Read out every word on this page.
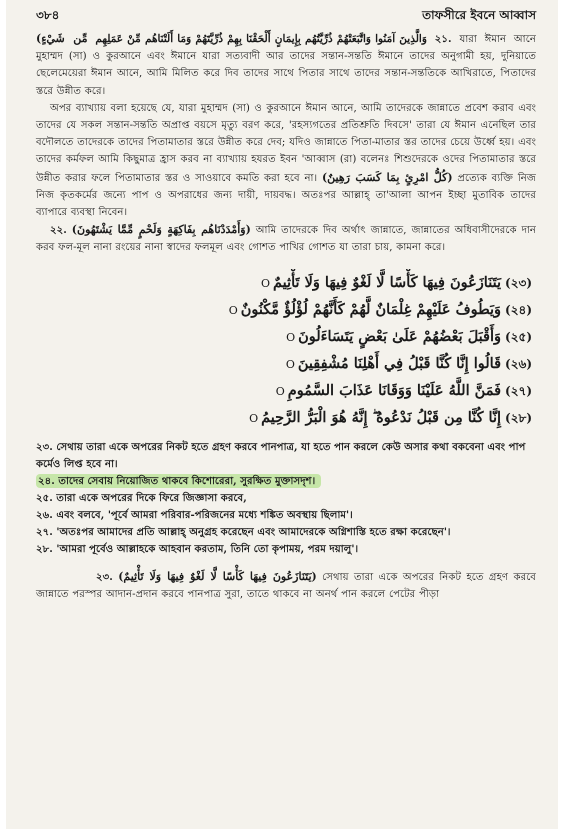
৩৮৪	তাফসীরে ইবনে আব্বাস

(مِّن شَيْءٍ وَالَّذِينَ آمَنُوا وَاتَّبَعَتْهُمْ ذُرِّيَّتُهُم بِإِيمَانٍ أَلْحَقْنَا بِهِمْ ذُرِّيَّتَهُمْ وَمَا أَلَتْنَاهُم مِّنْ عَمَلِهِم ২১. যারা ঈমান আনে মুহাম্মদ (সা) ও কুরআনে এবং ঈমানে যারা সত্যবাদী আর তাদের সন্তান-সন্ততি ঈমানে তাদের অনুগামী হয়, দুনিয়াতে ছেলেমেয়েরা ঈমান আনে, আমি মিলিত করে দিব তাদের সাথে পিতার সাথে তাদের সন্তান-সন্ততিকে আখিরাতে, পিতাদের স্তরে উন্নীত করে।

অপর ব্যাখ্যায় বলা হয়েছে যে, যারা মুহাম্মদ (সা) ও কুরআনে ঈমান আনে, আমি তাদেরকে জান্নাতে প্রবেশ করাব এবং তাদের যে সকল সন্তান-সন্ততি অপ্রাপ্ত বয়সে মৃত্যু বরণ করে, 'রহস্যগতের প্রতিশ্রুতি দিবসে' তারা যে ঈমান এনেছিল তার বদৌলতে তাদেরকে তাদের পিতামাতার স্তরে উন্নীত করে দেব; যদিও জান্নাতে পিতা-মাতার স্তর তাদের চেয়ে উর্ধ্বে হয়। এবং তাদের কর্মফল আমি কিছুমাত্র হ্রাস করব না ব্যাখ্যায় হযরত ইবন 'আব্বাস (রা) বলেনঃ শিশুদেরকে ওদের পিতামাতার স্তরে উন্নীত করার ফলে পিতামাতার স্তর ও সাওয়াবে কমতি করা হবে না। (كُلُّ امْرِئٍ بِمَا كَسَبَ رَهِينٌ) প্রত্যেক ব্যক্তি নিজ নিজ কৃতকর্মের জন্যে পাপ ও অপরাধের জন্য দায়ী, দায়বদ্ধ। অতঃপর আল্লাহ্ তা'আলা আপন ইচ্ছা মুতাবিক তাদের ব্যাপারে ব্যবস্থা নিবেন।

২২. (وَأَمْدَدْنَاهُم بِفَاكِهَةٍ وَلَحْمٍ مِّمَّا يَشْتَهُونَ) আমি তাদেরকে দিব অর্থাৎ জান্নাতে, জান্নাতের অধিবাসীদেরকে দান করব ফল-মূল নানা রংয়ের নানা স্বাদের ফলমূল এবং গোশত পাখির গোশত যা তারা চায়, কামনা করে।

(২৩)يَتَنَازَعُونَ فِيهَا كَأْسًا لَّا لَغْوٌ فِيهَا وَلَا تَأْثِيمٌO
(২৪)وَيَطُوفُ عَلَيْهِمْ غِلْمَانٌ لَّهُمْ كَأَنَّهُمْ لُؤْلُؤٌ مَّكْنُونٌO
(২৫)وَأَقْبَلَ بَعْضُهُمْ عَلَىٰ بَعْضٍ يَتَسَاءَلُونَO
(২৬)قَالُوا إِنَّا كُنَّا قَبْلُ فِي أَهْلِنَا مُشْفِقِينَO
(২৭)فَمَنَّ اللَّهُ عَلَيْنَا وَوَقَانَا عَذَابَ السَّمُومِO
(২৮)إِنَّا كُنَّا مِن قَبْلُ نَدْعُوهُ ۖ إِنَّهُ هُوَ الْبَرُّ الرَّحِيمُO

২৩. সেথায় তারা একে অপরের নিকট হতে গ্রহণ করবে পানপাত্র, যা হতে পান করলে কেউ অসার কথা বকবেনা এবং পাপ কর্মেও লিপ্ত হবে না।

২৪. তাদের সেবায় নিয়োজিত থাকবে কিশোরেরা, সুরক্ষিত মুক্তাসদৃশ।

২৫. তারা একে অপরের দিকে ফিরে জিজ্ঞাসা করবে,

২৬. এবং বলবে, 'পূর্বে আমরা পরিবার-পরিজনের মধ্যে শঙ্কিত অবস্থায় ছিলাম'।

২৭. 'অতঃপর আমাদের প্রতি আল্লাহ্ অনুগ্রহ করেছেন এবং আমাদেরকে অগ্নিশাস্তি হতে রক্ষা করেছেন'।

২৮. 'আমরা পূর্বেও আল্লাহকে আহবান করতাম, তিনি তো কৃপাময়, পরম দয়ালু'।

২৩. (يَتَنَازَعُونَ فِيهَا كَأْسًا لَّا لَغْوٌ فِيهَا وَلَا تَأْثِيمٌ) সেথায় তারা একে অপরের নিকট হতে গ্রহণ করবে জান্নাতে পরস্পর আদান-প্রদান করবে পানপাত্র সুরা, তাতে থাকবে না অনর্থ পান করলে পেটের পীড়া
